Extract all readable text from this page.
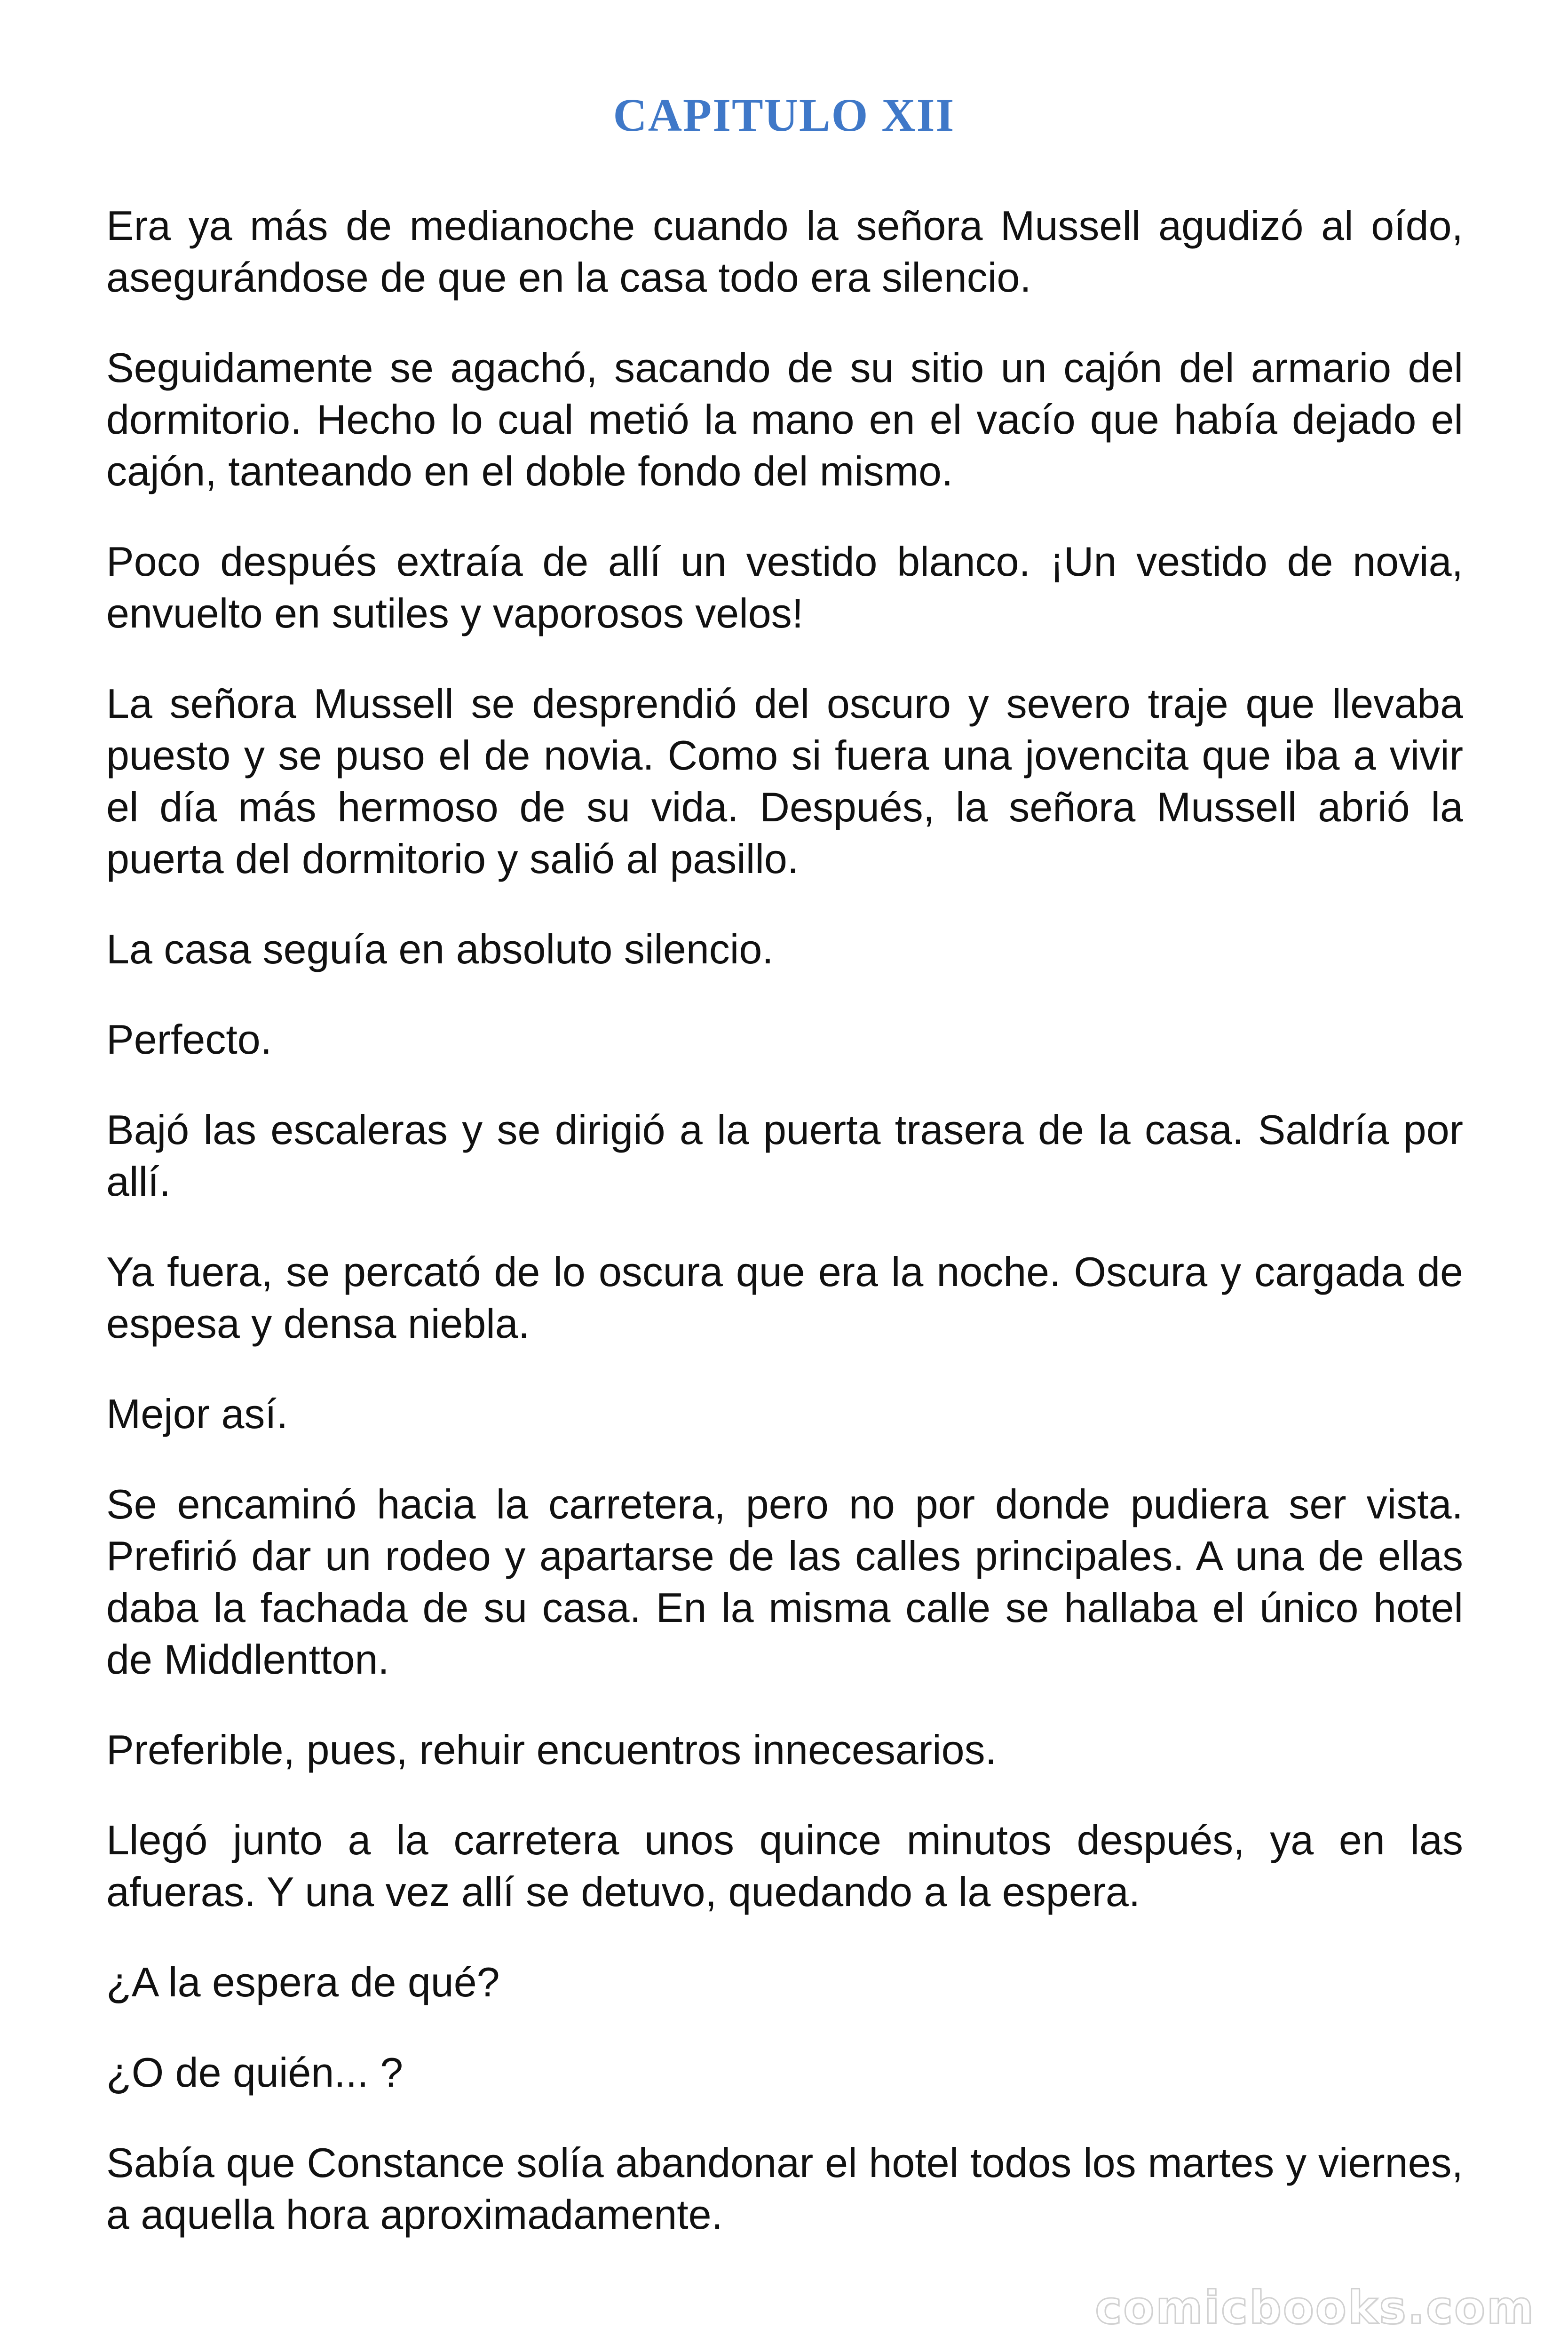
CAPITULO XII

Era ya más de medianoche cuando la señora Mussell agudizó al oído, asegurándose de que en la casa todo era silencio.

Seguidamente se agachó, sacando de su sitio un cajón del armario del dormitorio. Hecho lo cual metió la mano en el vacío que había dejado el cajón, tanteando en el doble fondo del mismo.

Poco después extraía de allí un vestido blanco. ¡Un vestido de novia, envuelto en sutiles y vaporosos velos!

La señora Mussell se desprendió del oscuro y severo traje que llevaba puesto y se puso el de novia. Como si fuera una jovencita que iba a vivir el día más hermoso de su vida. Después, la señora Mussell abrió la puerta del dormitorio y salió al pasillo.

La casa seguía en absoluto silencio.

Perfecto.

Bajó las escaleras y se dirigió a la puerta trasera de la casa. Saldría por allí.

Ya fuera, se percató de lo oscura que era la noche. Oscura y cargada de espesa y densa niebla.

Mejor así.

Se encaminó hacia la carretera, pero no por donde pudiera ser vista. Prefirió dar un rodeo y apartarse de las calles principales. A una de ellas daba la fachada de su casa. En la misma calle se hallaba el único hotel de Middlentton.

Preferible, pues, rehuir encuentros innecesarios.

Llegó junto a la carretera unos quince minutos después, ya en las afueras. Y una vez allí se detuvo, quedando a la espera.

¿A la espera de qué?

¿O de quién... ?

Sabía que Constance solía abandonar el hotel todos los martes y viernes, a aquella hora aproximadamente.

comicbooks.com
